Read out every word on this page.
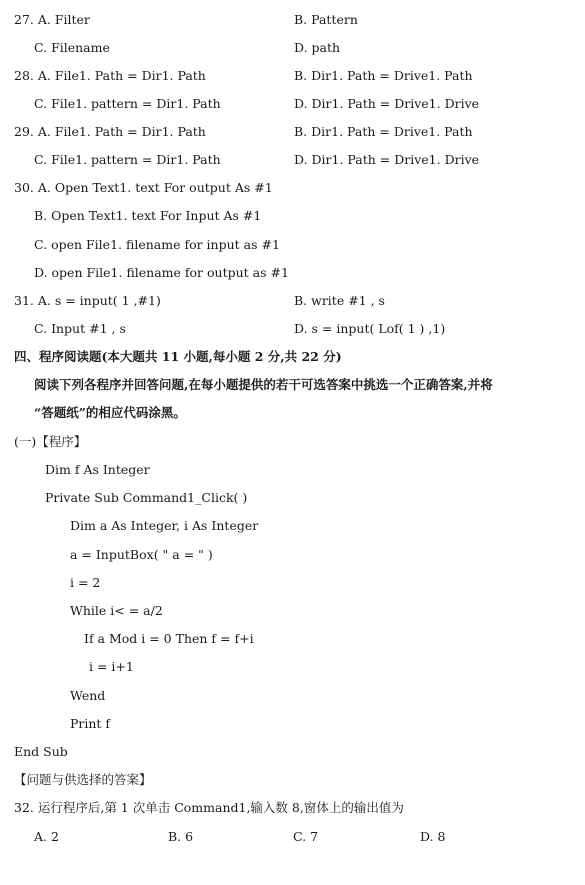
27. A. Filter	B. Pattern
C. Filename	D. path
28. A. File1. Path = Dir1. Path	B. Dir1. Path = Drive1. Path
C. File1. pattern = Dir1. Path	D. Dir1. Path = Drive1. Drive
29. A. File1. Path = Dir1. Path	B. Dir1. Path = Drive1. Path
C. File1. pattern = Dir1. Path	D. Dir1. Path = Drive1. Drive
30. A. Open Text1. text For output As #1
B. Open Text1. text For Input As #1
C. open File1. filename for input as #1
D. open File1. filename for output as #1
31. A. s = input( 1 ,#1)	B. write #1 , s
C. Input #1 , s	D. s = input( Lof( 1 ) ,1)
四、程序阅读题(本大题共 11 小题,每小题 2 分,共 22 分)
阅读下列各程序并回答问题,在每小题提供的若干可选答案中挑选一个正确答案,并将
“答题纸”的相应代码涂黑。
(一)【程序】
Dim f As Integer
Private Sub Command1_Click( )
Dim a As Integer, i As Integer
a = InputBox( " a = " )
i = 2
While i< = a/2
If a Mod i = 0 Then f = f+i
i = i+1
Wend
Print f
End Sub
【问题与供选择的答案】
32. 运行程序后,第 1 次单击 Command1,输入数 8,窗体上的输出值为
A. 2	B. 6	C. 7	D. 8
